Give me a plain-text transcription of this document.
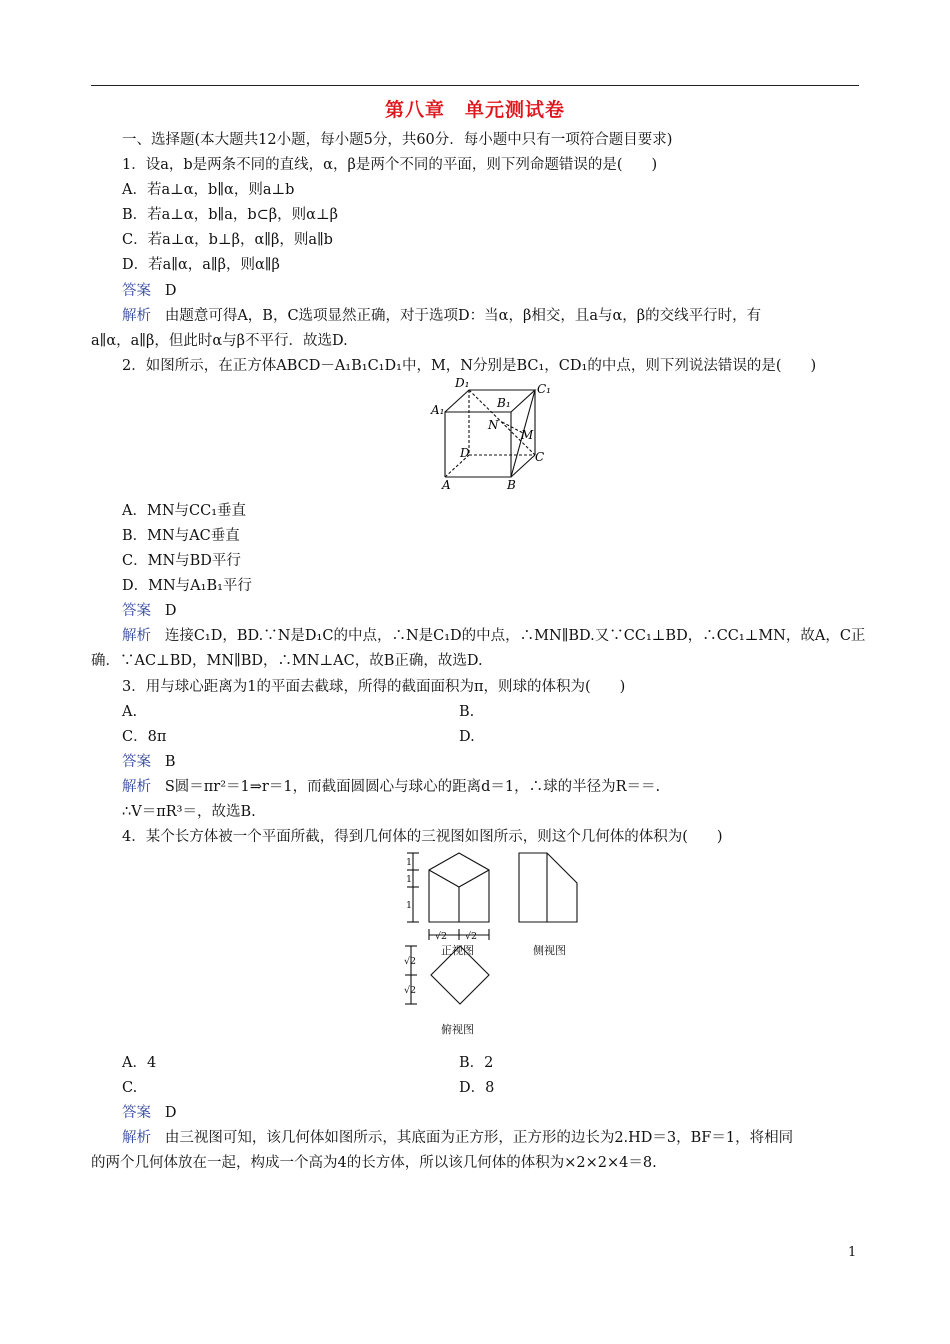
第八章　单元测试卷
一、选择题(本大题共12小题，每小题5分，共60分．每小题中只有一项符合题目要求)
1．设a，b是两条不同的直线，α，β是两个不同的平面，则下列命题错误的是(　　)
A．若a⊥α，b∥α，则a⊥b
B．若a⊥α，b∥a，b⊂β，则α⊥β
C．若a⊥α，b⊥β，α∥β，则a∥b
D．若a∥α，a∥β，则α∥β
答案 D
解析 由题意可得A，B，C选项显然正确，对于选项D：当α，β相交，且a与α，β的交线平行时，有
a∥α，a∥β，但此时α与β不平行．故选D.
2．如图所示，在正方体ABCD－A₁B₁C₁D₁中，M，N分别是BC₁，CD₁的中点，则下列说法错误的是(　　)
D₁	C₁
A₁	B₁
N
M
D	C
A	B
A．MN与CC₁垂直
B．MN与AC垂直
C．MN与BD平行
D．MN与A₁B₁平行
答案 D
解析 连接C₁D，BD.∵N是D₁C的中点，∴N是C₁D的中点，∴MN∥BD.又∵CC₁⊥BD，∴CC₁⊥MN，故A，C正
确．∵AC⊥BD，MN∥BD，∴MN⊥AC，故B正确，故选D.
3．用与球心距离为1的平面去截球，所得的截面面积为π，则球的体积为(　　)
A.	B.
C．8π	D.
答案 B
解析 S圆＝πr²＝1⇒r＝1，而截面圆圆心与球心的距离d＝1，∴球的半径为R＝＝.
∴V＝πR³＝，故选B.
4．某个长方体被一个平面所截，得到几何体的三视图如图所示，则这个几何体的体积为(　　)
1
1
1
√2 √2
√2
√2
正视图	侧视图
俯视图
A．4	B．2
C.	D．8
答案 D
解析 由三视图可知，该几何体如图所示，其底面为正方形，正方形的边长为2.HD＝3，BF＝1，将相同
的两个几何体放在一起，构成一个高为4的长方体，所以该几何体的体积为×2×2×4＝8.
1
